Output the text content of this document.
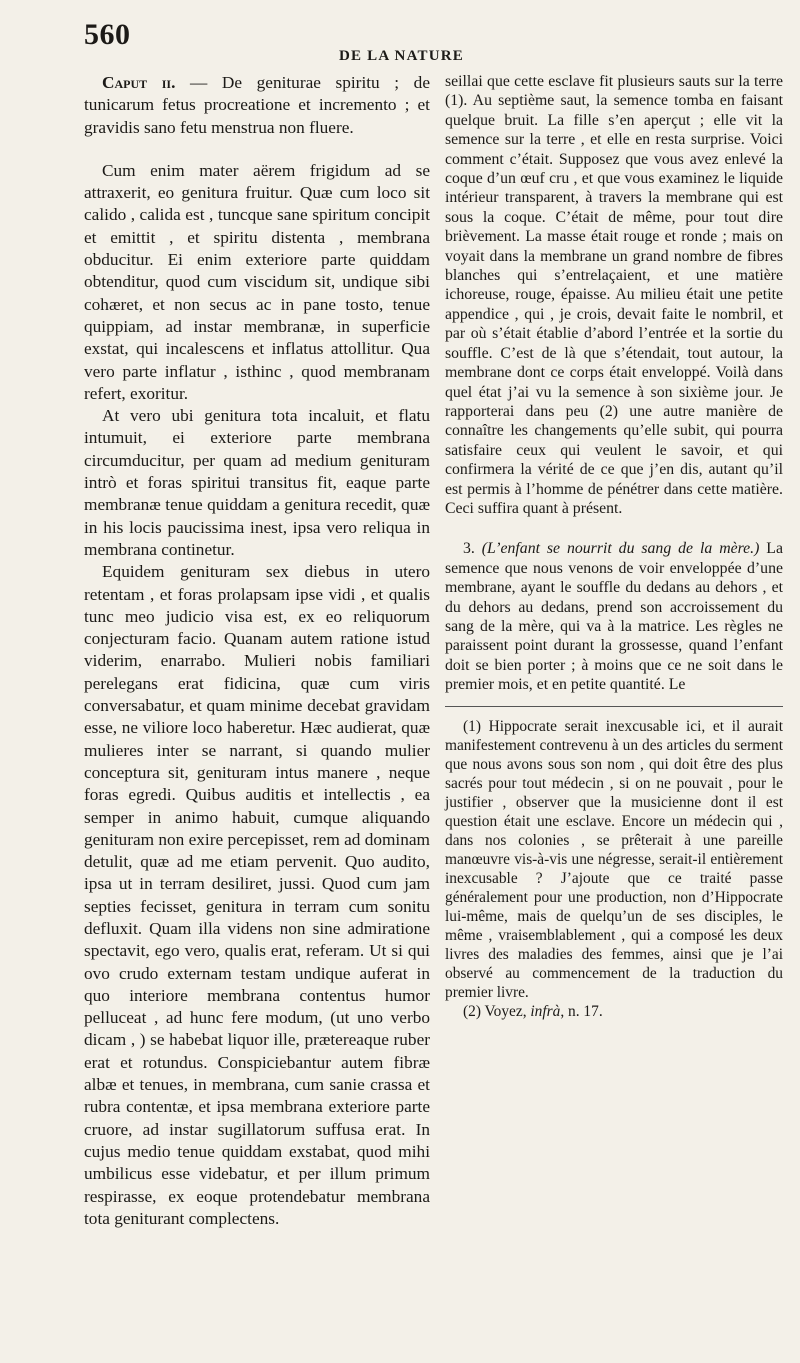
560
DE LA NATURE

Caput ii. — De geniturae spiritu ; de tunicarum fetus procreatione et incremento ; et gravidis sano fetu menstrua non fluere.

Cum enim mater aërem frigidum ad se attraxerit, eo genitura fruitur. Quæ cum loco sit calido , calida est , tuncque sane spiritum concipit et emittit , et spiritu distenta , membrana obducitur. Ei enim exteriore parte quiddam obtenditur, quod cum viscidum sit, undique sibi cohæret, et non secus ac in pane tosto, tenue quippiam, ad instar membranæ, in superficie exstat, qui incalescens et inflatus attollitur. Qua vero parte inflatur , isthinc , quod membranam refert, exoritur.

At vero ubi genitura tota incaluit, et flatu intumuit, ei exteriore parte membrana circumducitur, per quam ad medium genituram intrò et foras spiritui transitus fit, eaque parte membranæ tenue quiddam a genitura recedit, quæ in his locis paucissima inest, ipsa vero reliqua in membrana continetur.

Equidem genituram sex diebus in utero retentam , et foras prolapsam ipse vidi , et qualis tunc meo judicio visa est, ex eo reliquorum conjecturam facio. Quanam autem ratione istud viderim, enarrabo. Mulieri nobis familiari perelegans erat fidicina, quæ cum viris conversabatur, et quam minime decebat gravidam esse, ne viliore loco haberetur. Hæc audierat, quæ mulieres inter se narrant, si quando mulier conceptura sit, genituram intus manere , neque foras egredi. Quibus auditis et intellectis , ea semper in animo habuit, cumque aliquando genituram non exire percepisset, rem ad dominam detulit, quæ ad me etiam pervenit. Quo audito, ipsa ut in terram desiliret, jussi. Quod cum jam septies fecisset, genitura in terram cum sonitu defluxit. Quam illa videns non sine admiratione spectavit, ego vero, qualis erat, referam. Ut si qui ovo crudo externam testam undique auferat in quo interiore membrana contentus humor pelluceat , ad hunc fere modum, (ut uno verbo dicam , ) se habebat liquor ille, prætereaque ruber erat et rotundus. Conspiciebantur autem fibræ albæ et tenues, in membrana, cum sanie crassa et rubra contentæ, et ipsa membrana exteriore parte cruore, ad instar sugillatorum suffusa erat. In cujus medio tenue quiddam exstabat, quod mihi umbilicus esse videbatur, et per illum primum respirasse, ex eoque protendebatur membrana tota geniturant complectens.

seillai que cette esclave fit plusieurs sauts sur la terre (1). Au septième saut, la semence tomba en faisant quelque bruit. La fille s’en aperçut ; elle vit la semence sur la terre , et elle en resta surprise. Voici comment c’était. Supposez que vous avez enlevé la coque d’un œuf cru , et que vous examinez le liquide intérieur transparent, à travers la membrane qui est sous la coque. C’était de même, pour tout dire brièvement. La masse était rouge et ronde ; mais on voyait dans la membrane un grand nombre de fibres blanches qui s’entrelaçaient, et une matière ichoreuse, rouge, épaisse. Au milieu était une petite appendice , qui , je crois, devait faite le nombril, et par où s’était établie d’abord l’entrée et la sortie du souffle. C’est de là que s’étendait, tout autour, la membrane dont ce corps était enveloppé. Voilà dans quel état j’ai vu la semence à son sixième jour. Je rapporterai dans peu (2) une autre manière de connaître les changements qu’elle subit, qui pourra satisfaire ceux qui veulent le savoir, et qui confirmera la vérité de ce que j’en dis, autant qu’il est permis à l’homme de pénétrer dans cette matière. Ceci suffira quant à présent.

3. (L’enfant se nourrit du sang de la mère.) La semence que nous venons de voir enveloppée d’une membrane, ayant le souffle du dedans au dehors , et du dehors au dedans, prend son accroissement du sang de la mère, qui va à la matrice. Les règles ne paraissent point durant la grossesse, quand l’enfant doit se bien porter ; à moins que ce ne soit dans le premier mois, et en petite quantité. Le

(1) Hippocrate serait inexcusable ici, et il aurait manifestement contrevenu à un des articles du serment que nous avons sous son nom , qui doit être des plus sacrés pour tout médecin , si on ne pouvait , pour le justifier , observer que la musicienne dont il est question était une esclave. Encore un médecin qui , dans nos colonies , se prêterait à une pareille manœuvre vis-à-vis une négresse, serait-il entièrement inexcusable ? J’ajoute que ce traité passe généralement pour une production, non d’Hippocrate lui-même, mais de quelqu’un de ses disciples, le même , vraisemblablement , qui a composé les deux livres des maladies des femmes, ainsi que je l’ai observé au commencement de la traduction du premier livre.

(2) Voyez, infrà, n. 17.
